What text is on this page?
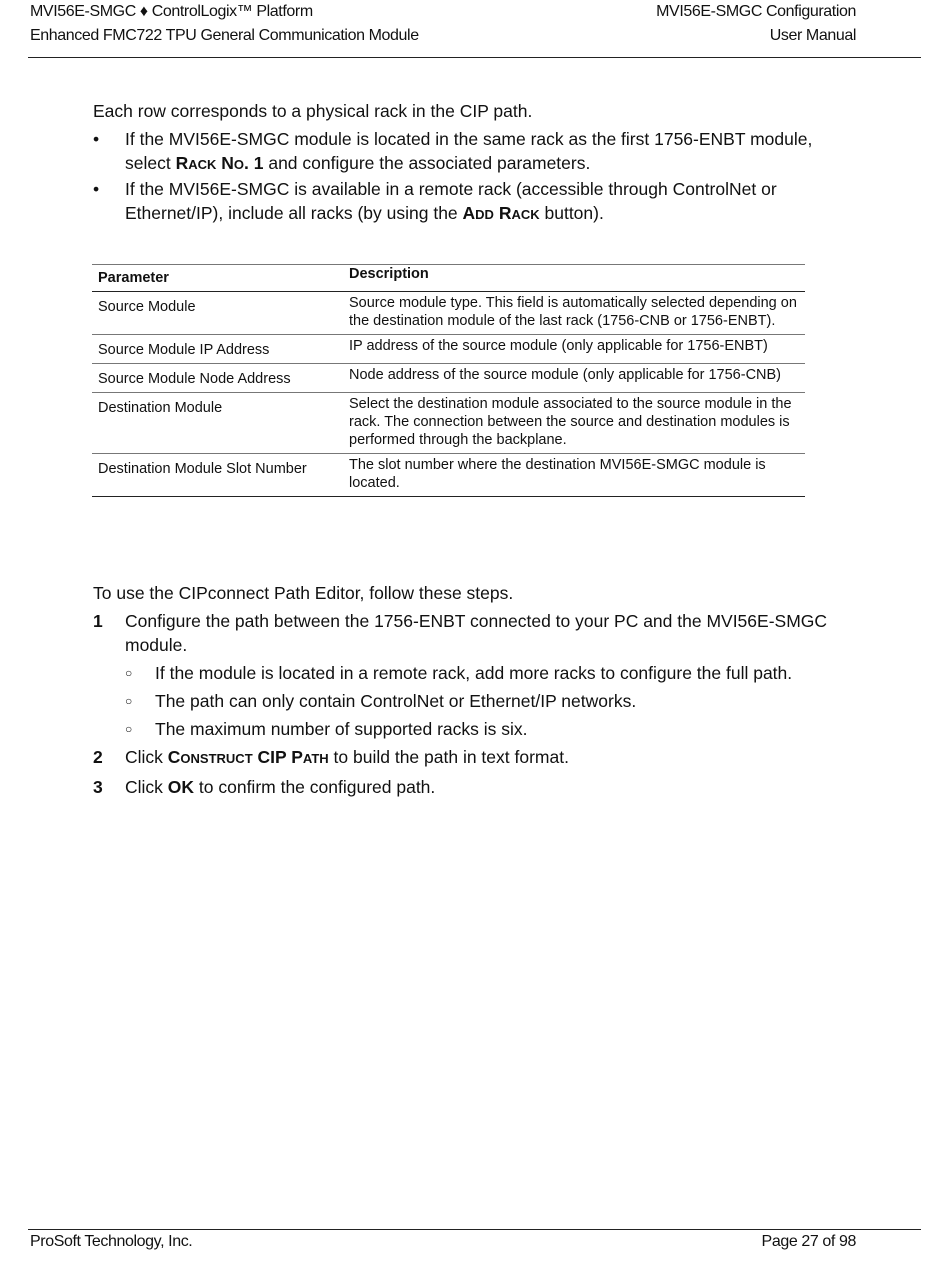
MVI56E-SMGC ♦ ControlLogix™ Platform	MVI56E-SMGC Configuration
Enhanced FMC722 TPU General Communication Module	User Manual

Each row corresponds to a physical rack in the CIP path.

•	If the MVI56E-SMGC module is located in the same rack as the first 1756-ENBT module, select RACK NO. 1 and configure the associated parameters.
•	If the MVI56E-SMGC is available in a remote rack (accessible through ControlNet or Ethernet/IP), include all racks (by using the ADD RACK button).
Parameter	Description
Source Module	Source module type. This field is automatically selected depending on the destination module of the last rack (1756-CNB or 1756-ENBT).
Source Module IP Address	IP address of the source module (only applicable for 1756-ENBT)
Source Module Node Address	Node address of the source module (only applicable for 1756-CNB)
Destination Module	Select the destination module associated to the source module in the rack. The connection between the source and destination modules is performed through the backplane.
Destination Module Slot Number	The slot number where the destination MVI56E-SMGC module is located.
To use the CIPconnect Path Editor, follow these steps.
1	Configure the path between the 1756-ENBT connected to your PC and the MVI56E-SMGC module.
○	If the module is located in a remote rack, add more racks to configure the full path.
○	The path can only contain ControlNet or Ethernet/IP networks.
○	The maximum number of supported racks is six.
2	Click CONSTRUCT CIP PATH to build the path in text format.
3	Click OK to confirm the configured path.
ProSoft Technology, Inc.	Page 27 of 98
